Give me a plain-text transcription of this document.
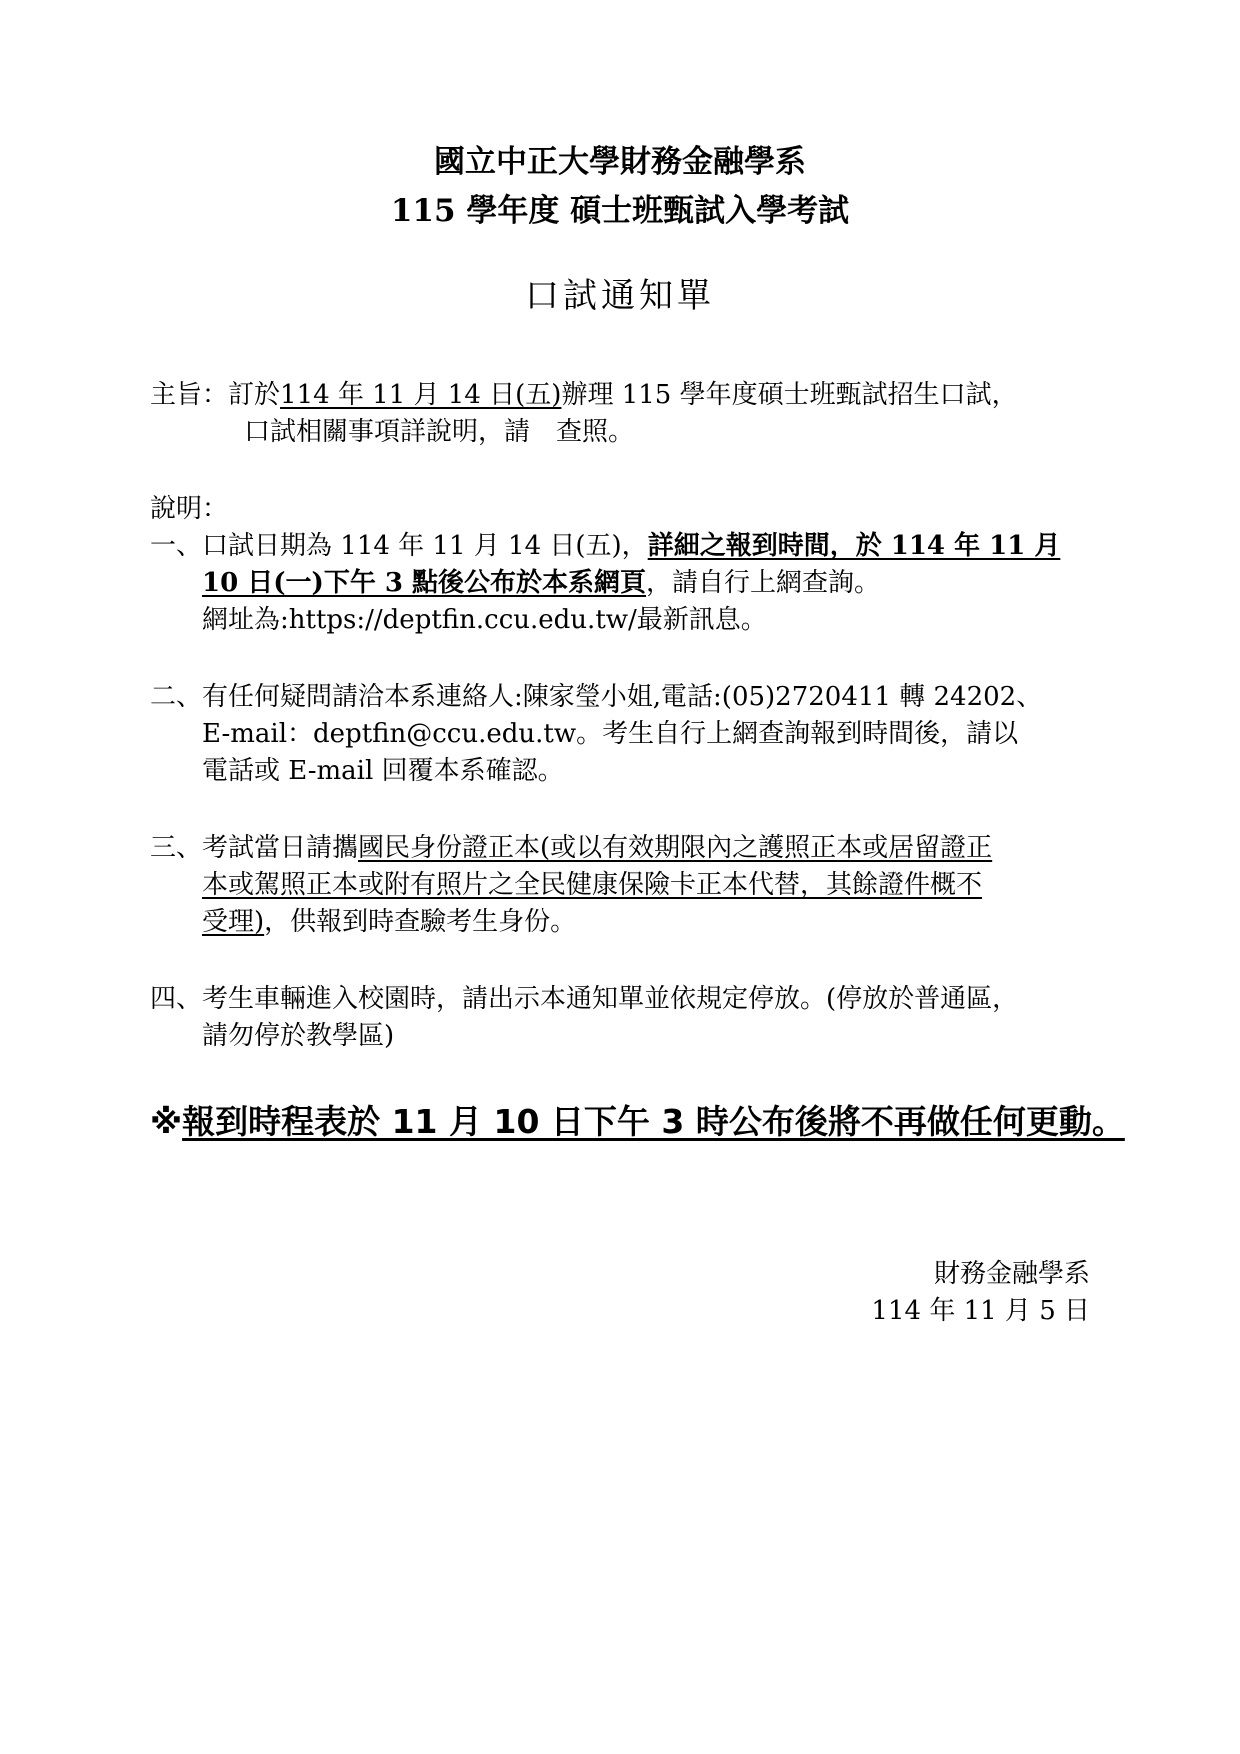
國立中正大學財務金融學系
115 學年度 碩士班甄試入學考試
口試通知單
主旨：訂於114 年 11 月 14 日(五)辦理 115 學年度碩士班甄試招生口試，
口試相關事項詳說明，請　查照。
說明：
一、口試日期為 114 年 11 月 14 日(五)，詳細之報到時間，於 114 年 11 月
10 日(一)下午 3 點後公布於本系網頁，請自行上網查詢。
網址為:https://deptfin.ccu.edu.tw/最新訊息。
二、有任何疑問請洽本系連絡人:陳家瑩小姐,電話:(05)2720411 轉 24202、
E-mail：deptfin@ccu.edu.tw。考生自行上網查詢報到時間後，請以
電話或 E-mail 回覆本系確認。
三、考試當日請攜國民身份證正本(或以有效期限內之護照正本或居留證正
本或駕照正本或附有照片之全民健康保險卡正本代替，其餘證件概不
受理)，供報到時查驗考生身份。
四、考生車輛進入校園時，請出示本通知單並依規定停放。(停放於普通區，
請勿停於教學區)
※報到時程表於 11 月 10 日下午 3 時公布後將不再做任何更動。
財務金融學系
114 年 11 月 5 日
